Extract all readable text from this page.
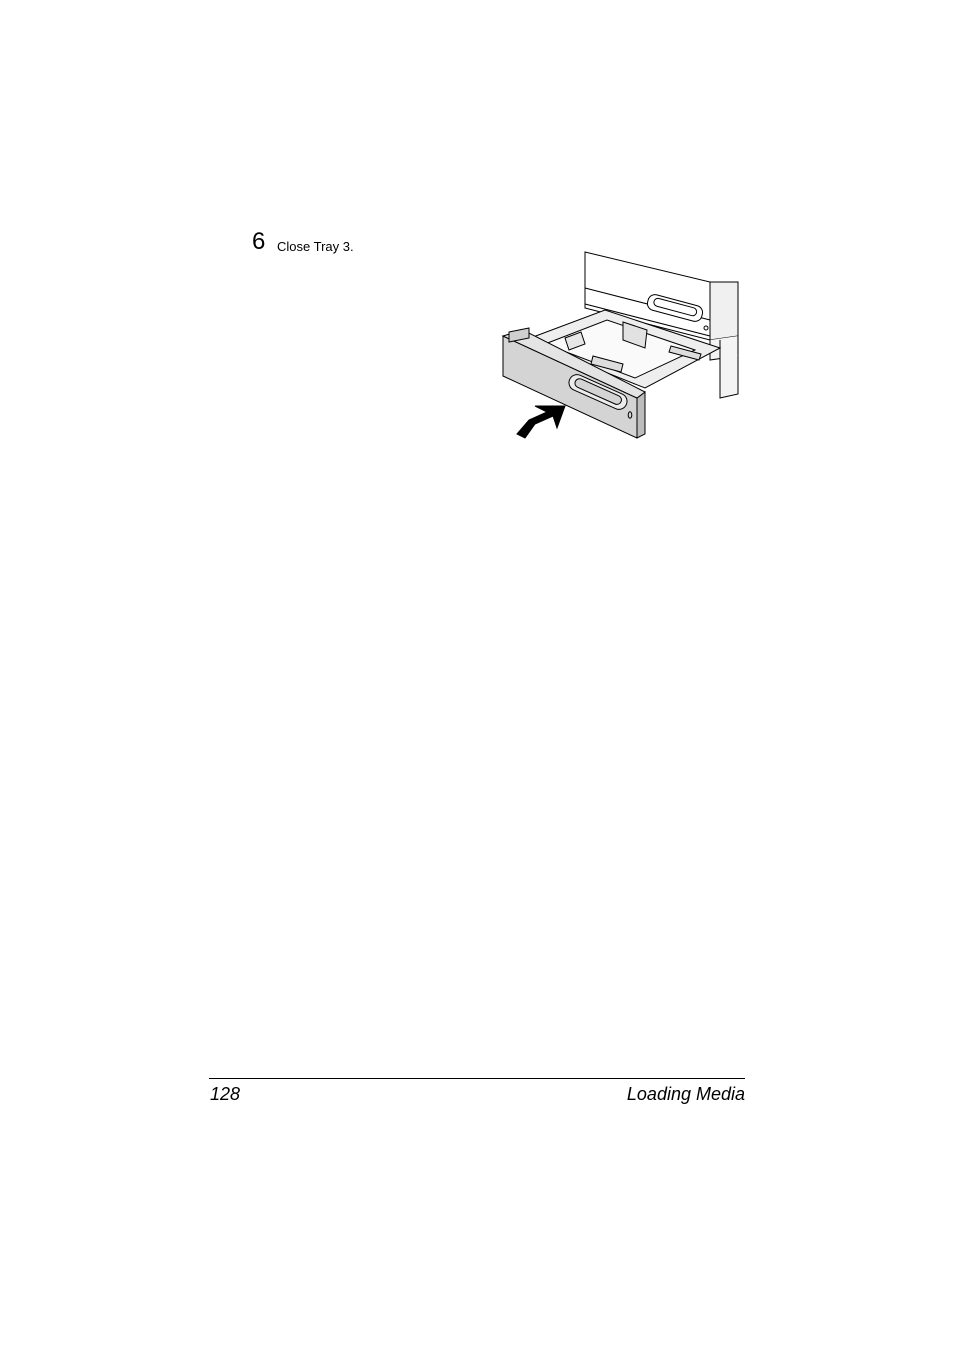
6 Close Tray 3.
128	Loading Media
